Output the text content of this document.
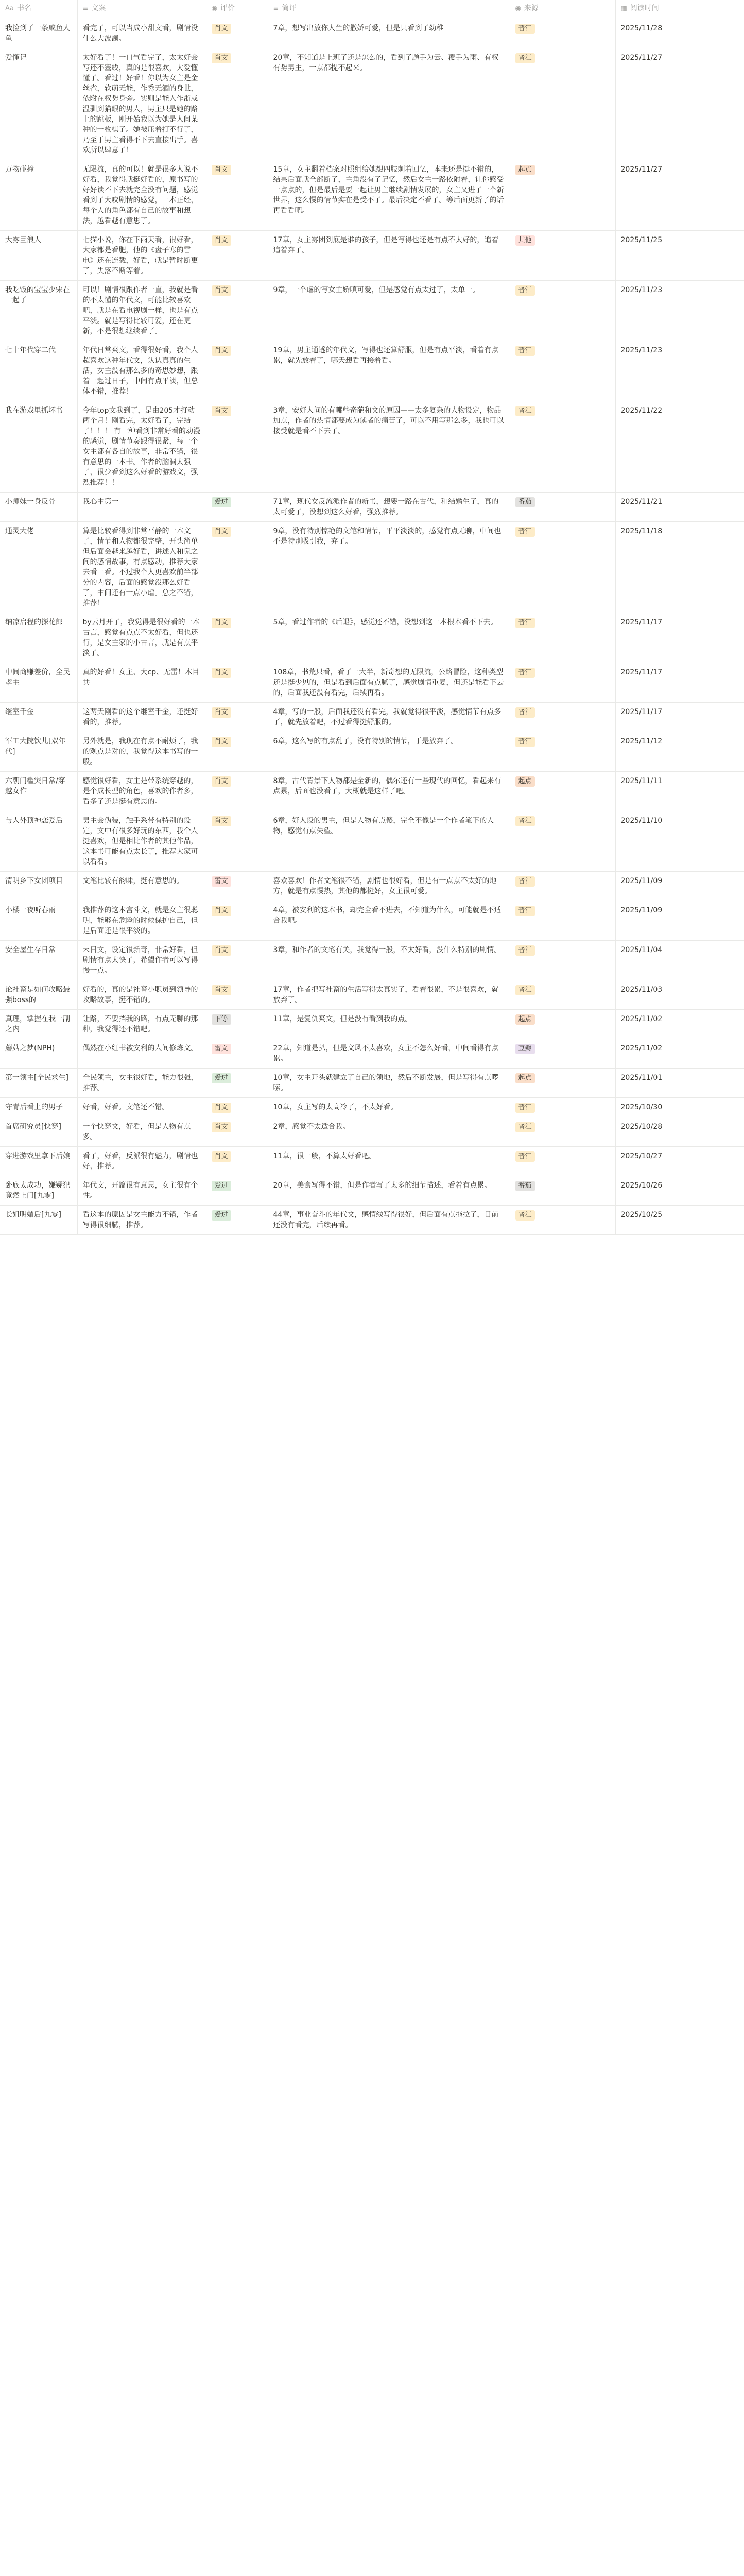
Aa 书名	≡ 文案	◉ 评价	≡ 简评	◉ 来源	▦ 阅读时间
我捡到了一条咸鱼人鱼	看完了，可以当成小甜文看，剧情没什么大波澜。	肖文	7章，想写出放你人鱼的撒娇可爱，但是只看到了幼稚	晋江	2025/11/28
爱懂记	太好看了！一口气看完了，太太好会写还不塞线，真的是很喜欢，大爱懂懂了。看过！好看！你以为女主是金丝雀，软萌无能，作秀无酒的身世，依附在权势身旁。实则是能人作浙或温驯到猫眼的男人，男主只是她的路上的跳板，刚开始我以为她是人间某种的一枚棋子。她被压着打不行了，乃至于男主看得不下去直接出手。喜欢所以肆意了！	肖文	20章，不知道是上班了还是怎么的，看到了题手为云、覆手为雨、有权有势男主，一点都提不起来。	晋江	2025/11/27
万物碰撞	无限流，真的可以！就是很多人说不好看，我觉得就挺好看的，原书写的好好读不下去就完全没有问题，感觉看到了大咬剧情的感觉，一本正经，每个人的角色都有自己的故事和想法，越看越有意思了。	肖文	15章，女主翻着档案对照组给她想四肢刺着回忆，本来还是挺不错的，结果后面就全部断了，主角没有了记忆，然后女主一路依附着，让你感受一点点的，但是最后是要一起让男主继续剧情发展的，女主又进了一个新世界，这么慢的情节实在是受不了。最后决定不看了。等后面更新了的话再看看吧。	起点	2025/11/27
大雾巨浪人	七猫小说，你在下雨天看，很好看，大家都是看肥，他的《盘子寒的雷电》还在连载，好看，就是暂时断更了，失落不断等着。	肖文	17章，女主雾团到底是谁的孩子，但是写得也还是有点不太好的，追着追着弃了。	其他	2025/11/25
我吃饭的宝宝少宋在一起了	可以！剧情很跟作者一直，我就是看的不太懂的年代文，可能比较喜欢吧，就是在看电视剧一样，也是有点平淡。就是写得比较可爱，还在更新，不是很想继续看了。	肖文	9章，一个虐的写女主娇嗔可爱，但是感觉有点太过了，太单一。	晋江	2025/11/23
七十年代穿二代	年代日常爽文，看得很好看，我个人超喜欢这种年代文，认认真真的生活，女主没有那么多的奇思妙想，跟着一起过日子，中间有点平淡，但总体不错，推荐！	肖文	19章，男主通透的年代文，写得也还算舒服，但是有点平淡，看着有点累，就先放着了，哪天想看再接着看。	晋江	2025/11/23
我在游戏里抓坏书	今年top文我到了，是由205才打动两个月！刚看完，太好看了，完结了！！！ 有一种看到非常好看的动漫的感觉，剧情节奏跟得很紧，每一个女主都有各自的故事，非常不错，很有意思的一本书。作者的脑洞太强了，很少看到这么好看的游戏文，强烈推荐！！	肖文	3章，安好人间的有哪些奇葩和文的原因——太多复杂的人物设定，物品加点，作者的热情都要成为读者的痛苦了，可以不用写那么多，我也可以接受就是看不下去了。	晋江	2025/11/22
小师妹一身反骨	我心中第一	爱过	71章，现代女反流派作者的新书，想要一路在古代，和结婚生子，真的太可爱了，没想到这么好看，强烈推荐。	番茄	2025/11/21
通灵大佬	算是比较看得到非常平静的一本文了，情节和人物都很完整，开头简单但后面会越来越好看，讲述人和鬼之间的感情故事，有点感动，推荐大家去看一看。不过我个人更喜欢前半部分的内容，后面的感觉没那么好看了，中间还有一点小虐。总之不错，推荐！	肖文	9章，没有特别惊艳的文笔和情节，平平淡淡的，感觉有点无聊，中间也不是特别吸引我，弃了。	晋江	2025/11/18
纳凉启程的探花郎	by云月开了，我觉得是很好看的一本古言，感觉有点点不太好看，但也还行，是女主家的小古言，就是有点平淡了。	肖文	5章，看过作者的《后退》，感觉还不错，没想到这一本根本看不下去。	晋江	2025/11/17
中间商赚差价，全民孝主	真的好看！女主、大cp、无雷！木目共	肖文	108章，书荒只看，看了一大半，新奇想的无限流，公路冒险，这种类型还是挺少见的，但是看到后面有点腻了，感觉剧情重复，但还是能看下去的，后面我还没有看完，后续再看。	晋江	2025/11/17
继室千金	这两天刚看的这个继室千金，还挺好看的，推荐。	肖文	4章，写的一般，后面我还没有看完，我就觉得很平淡，感觉情节有点多了，就先放着吧，不过看得挺舒服的。	晋江	2025/11/17
军工大院饮儿[双年代]	另外就是，我现在有点不耐烦了，我的观点是对的，我觉得这本书写的一般。	肖文	6章，这么写的有点乱了，没有特别的情节，于是放弃了。	晋江	2025/11/12
六朝门槛突日常/穿越女作	感觉很好看，女主是带系统穿越的，是个成长型的角色，喜欢的作者多，看多了还是挺有意思的。	肖文	8章，古代背景下人物都是全新的，偶尔还有一些现代的回忆，看起来有点累，后面也没看了，大概就是这样了吧。	起点	2025/11/11
与人外顶神恋爱后	男主会伪装，触手系带有特别的设定，文中有很多好玩的东西，我个人挺喜欢，但是相比作者的其他作品，这本书可能有点太长了，推荐大家可以看看。	肖文	6章，好人设的男主，但是人物有点傻，完全不像是一个作者笔下的人物，感觉有点失望。	晋江	2025/11/10
清明乡下女团项目	文笔比较有韵味，挺有意思的。	雷文	喜欢喜欢！作者文笔很不错，剧情也很好看，但是有一点点不太好的地方，就是有点慢热，其他的都挺好，女主很可爱。	晋江	2025/11/09
小楼一夜听春雨	我推荐的这本宫斗文，就是女主很聪明，能够在危险的时候保护自己，但是后面还是很平淡的。	肖文	4章，被安利的这本书，却完全看不进去，不知道为什么，可能就是不适合我吧。	晋江	2025/11/09
安全屋生存日常	末日文，设定很新奇，非常好看，但剧情有点太快了，希望作者可以写得慢一点。	肖文	3章，和作者的文笔有关，我觉得一般，不太好看，没什么特别的剧情。	晋江	2025/11/04
论社畜是如何攻略最强boss的	好看的，真的是社畜小职员到领导的攻略故事，挺不错的。	肖文	17章，作者把写社畜的生活写得太真实了，看着很累，不是很喜欢，就放弃了。	晋江	2025/11/03
真理，掌握在我一副之内	让路，不要挡我的路，有点无聊的那种，我觉得还不错吧。	下等	11章，是复仇爽文，但是没有看到我的点。	起点	2025/11/02
蘑菇之梦(NPH)	偶然在小红书被安利的人间修炼文。	雷文	22章，知道是扒，但是文风不太喜欢，女主不怎么好看，中间看得有点累。	豆瓣	2025/11/02
第一领主[全民求生]	全民领主，女主很好看，能力很强，推荐。	爱过	10章，女主开头就建立了自己的领地，然后不断发展，但是写得有点啰嗦。	起点	2025/11/01
守青后看上的男子	好看，好看。文笔还不错。	肖文	10章，女主写的太高冷了，不太好看。	晋江	2025/10/30
首席研究员[快穿]	一个快穿文，好看，但是人物有点多。	肖文	2章，感觉不太适合我。	晋江	2025/10/28
穿进游戏里拿下后娘	看了，好看，反派很有魅力，剧情也好，推荐。	肖文	11章，很一般，不算太好看吧。	晋江	2025/10/27
卧底太成功，嫌疑犯竟然上门[九零]	年代文，开篇很有意思，女主很有个性。	爱过	20章，美食写得不错，但是作者写了太多的细节描述，看着有点累。	番茄	2025/10/26
长姐明媚后[九零]	看这本的原因是女主能力不错，作者写得很细腻，推荐。	爱过	44章，事业奋斗的年代文，感情线写得很好，但后面有点拖拉了，目前还没有看完，后续再看。	晋江	2025/10/25
